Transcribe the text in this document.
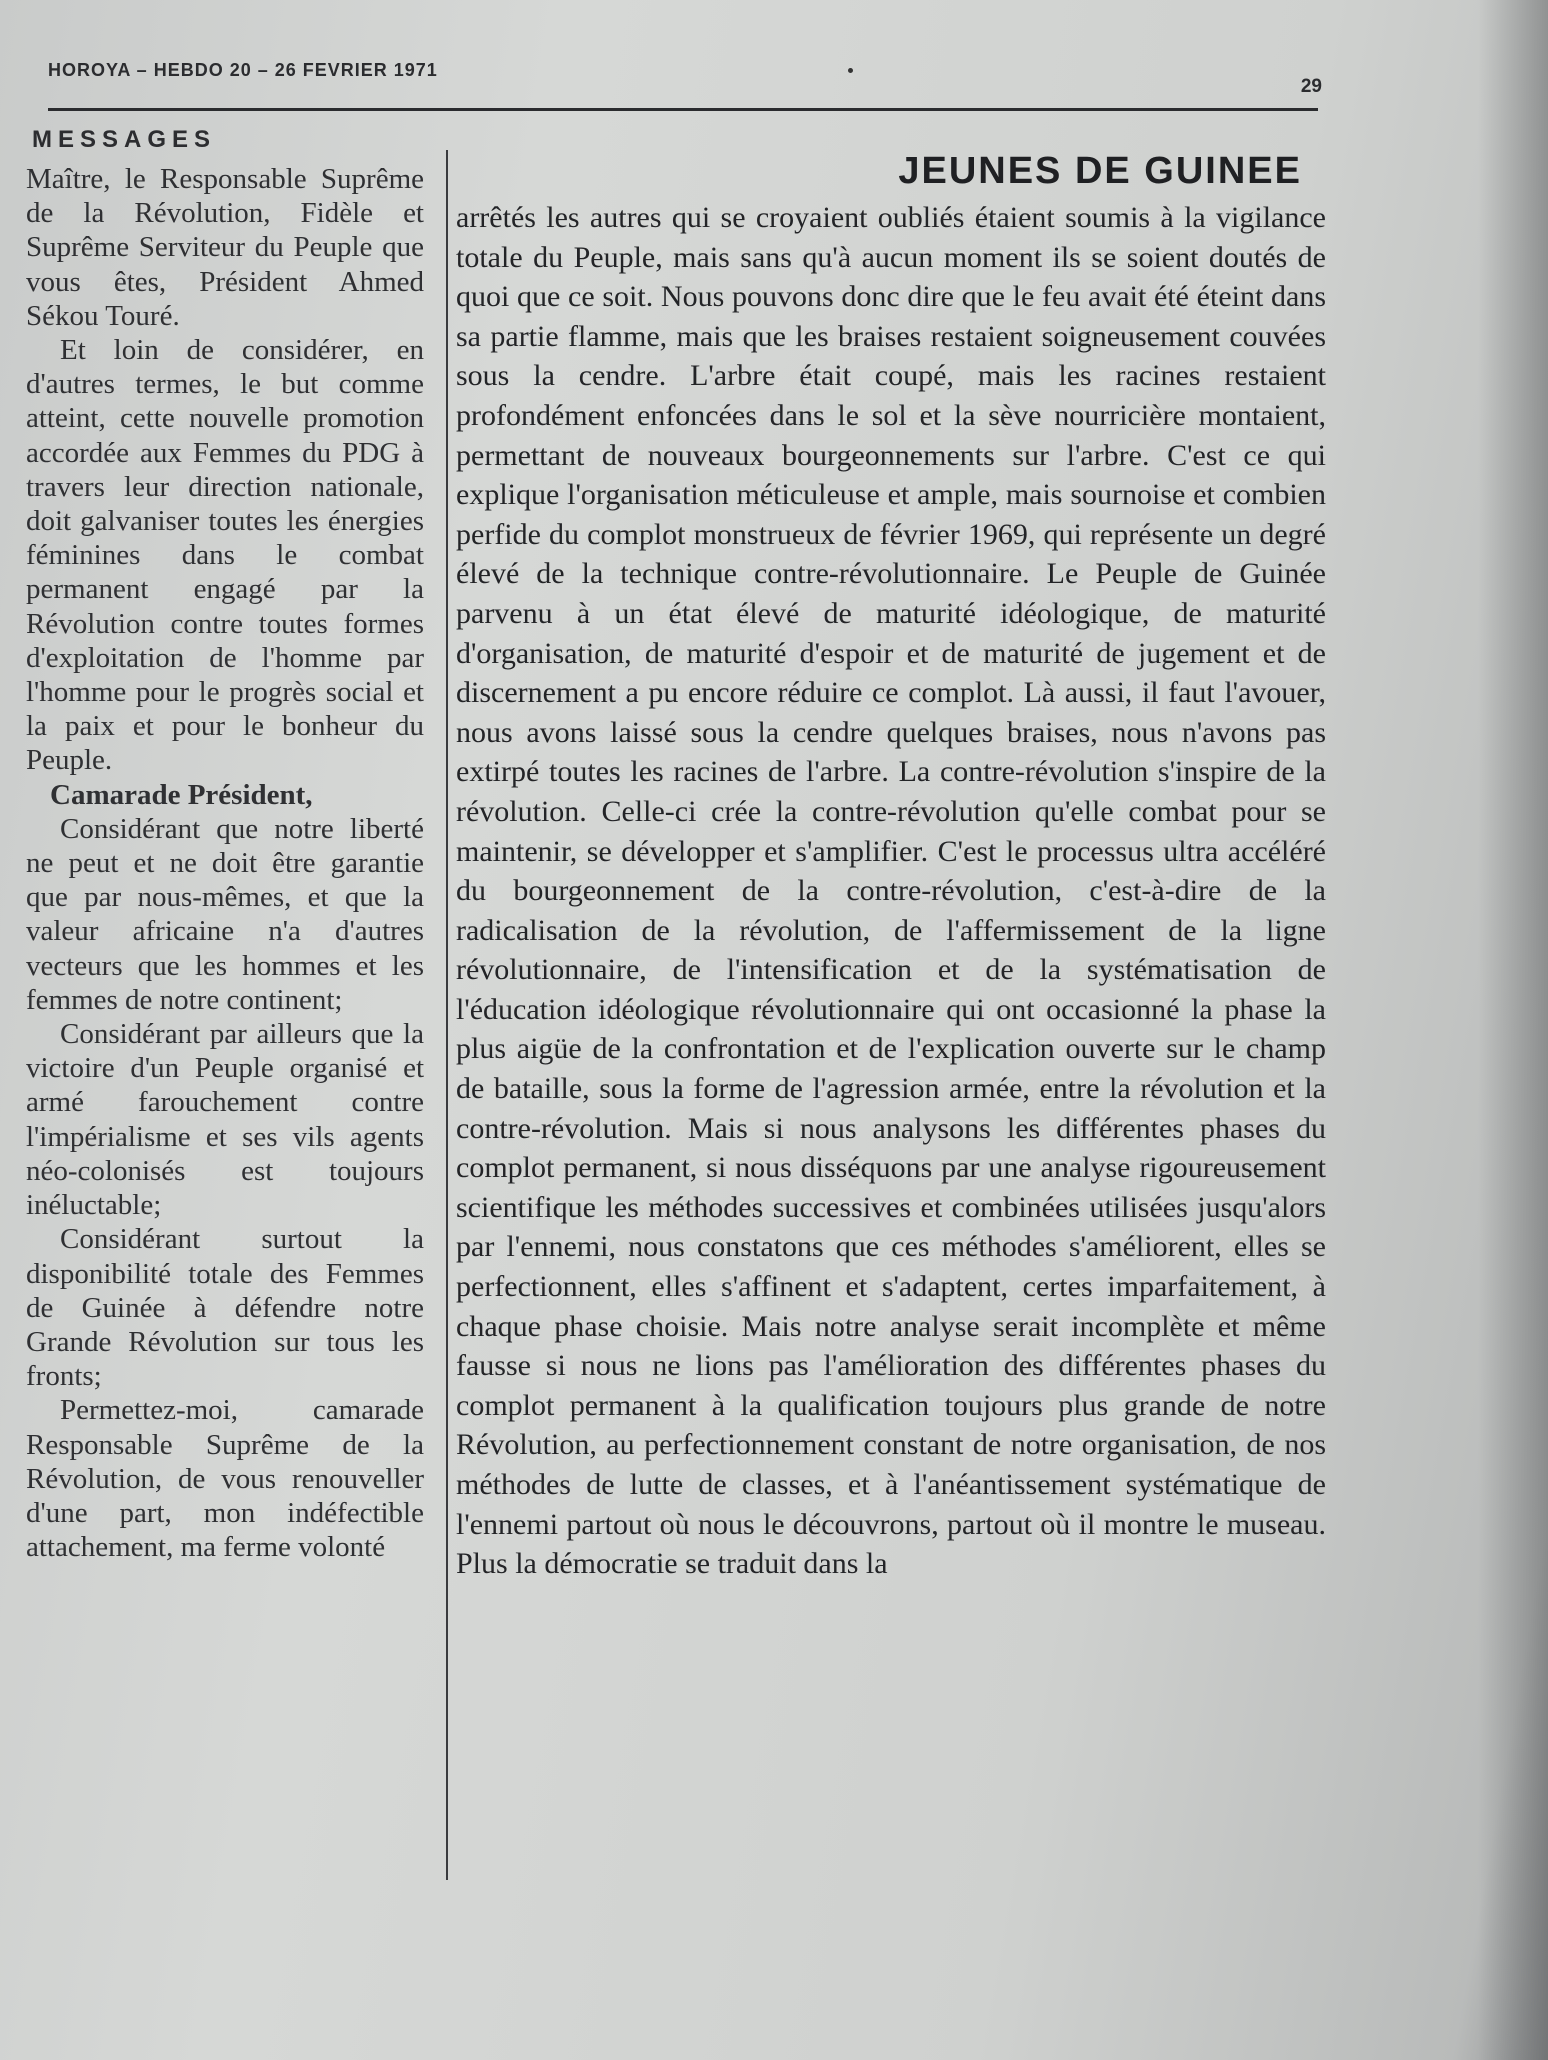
HOROYA – HEBDO 20 – 26 FEVRIER 1971
29
MESSAGES

Maître, le Responsable Suprême de la Révolution, Fidèle et Suprême Serviteur du Peuple que vous êtes, Président Ahmed Sékou Touré.

Et loin de considérer, en d'autres termes, le but comme atteint, cette nouvelle promotion accordée aux Femmes du PDG à travers leur direction nationale, doit galvaniser toutes les énergies féminines dans le combat permanent engagé par la Révolution contre toutes formes d'exploitation de l'homme par l'homme pour le progrès social et la paix et pour le bonheur du Peuple.

Camarade Président,

Considérant que notre liberté ne peut et ne doit être garantie que par nous-mêmes, et que la valeur africaine n'a d'autres vecteurs que les hommes et les femmes de notre continent;

Considérant par ailleurs que la victoire d'un Peuple organisé et armé farouchement contre l'impérialisme et ses vils agents néo-colonisés est toujours inéluctable;

Considérant surtout la disponibilité totale des Femmes de Guinée à défendre notre Grande Révolution sur tous les fronts;

Permettez-moi, camarade Responsable Suprême de la Révolution, de vous renouveller d'une part, mon indéfectible attachement, ma ferme volonté

JEUNES DE GUINEE

arrêtés les autres qui se croyaient oubliés étaient soumis à la vigilance totale du Peuple, mais sans qu'à aucun moment ils se soient doutés de quoi que ce soit. Nous pouvons donc dire que le feu avait été éteint dans sa partie flamme, mais que les braises restaient soigneusement couvées sous la cendre. L'arbre était coupé, mais les racines restaient profondément enfoncées dans le sol et la sève nourricière montaient, permettant de nouveaux bourgeonnements sur l'arbre. C'est ce qui explique l'organisation méticuleuse et ample, mais sournoise et combien perfide du complot monstrueux de février 1969, qui représente un degré élevé de la technique contre-révolutionnaire. Le Peuple de Guinée parvenu à un état élevé de maturité idéologique, de maturité d'organisation, de maturité d'espoir et de maturité de jugement et de discernement a pu encore réduire ce complot. Là aussi, il faut l'avouer, nous avons laissé sous la cendre quelques braises, nous n'avons pas extirpé toutes les racines de l'arbre. La contre-révolution s'inspire de la révolution. Celle-ci crée la contre-révolution qu'elle combat pour se maintenir, se développer et s'amplifier. C'est le processus ultra accéléré du bourgeonnement de la contre-révolution, c'est-à-dire de la radicalisation de la révolution, de l'affermissement de la ligne révolutionnaire, de l'intensification et de la systématisation de l'éducation idéologique révolutionnaire qui ont occasionné la phase la plus aigüe de la confrontation et de l'explication ouverte sur le champ de bataille, sous la forme de l'agression armée, entre la révolution et la contre-révolution. Mais si nous analysons les différentes phases du complot permanent, si nous disséquons par une analyse rigoureusement scientifique les méthodes successives et combinées utilisées jusqu'alors par l'ennemi, nous constatons que ces méthodes s'améliorent, elles se perfectionnent, elles s'affinent et s'adaptent, certes imparfaitement, à chaque phase choisie. Mais notre analyse serait incomplète et même fausse si nous ne lions pas l'amélioration des différentes phases du complot permanent à la qualification toujours plus grande de notre Révolution, au perfectionnement constant de notre organisation, de nos méthodes de lutte de classes, et à l'anéantissement systématique de l'ennemi partout où nous le découvrons, partout où il montre le museau. Plus la démocratie se traduit dans la
